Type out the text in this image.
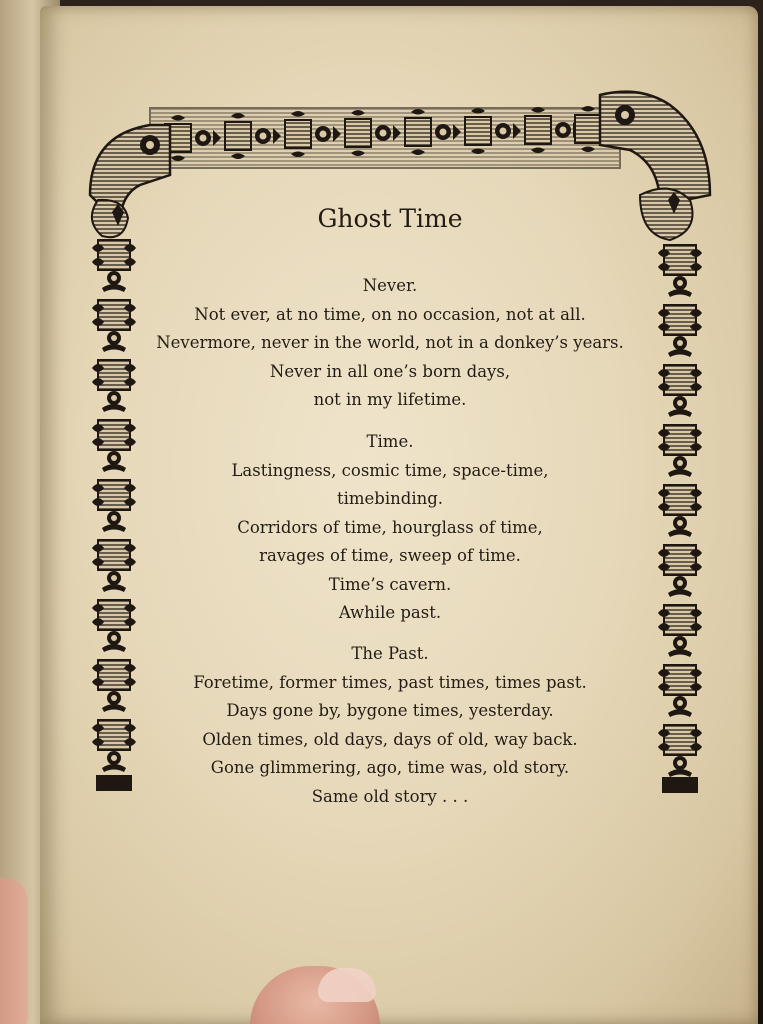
Ghost Time
Never.
Not ever, at no time, on no occasion, not at all.
Nevermore, never in the world, not in a donkey’s years.
Never in all one’s born days,
not in my lifetime.
Time.
Lastingness, cosmic time, space-time,
timebinding.
Corridors of time, hourglass of time,
ravages of time, sweep of time.
Time’s cavern.
Awhile past.
The Past.
Foretime, former times, past times, times past.
Days gone by, bygone times, yesterday.
Olden times, old days, days of old, way back.
Gone glimmering, ago, time was, old story.
Same old story . . .
